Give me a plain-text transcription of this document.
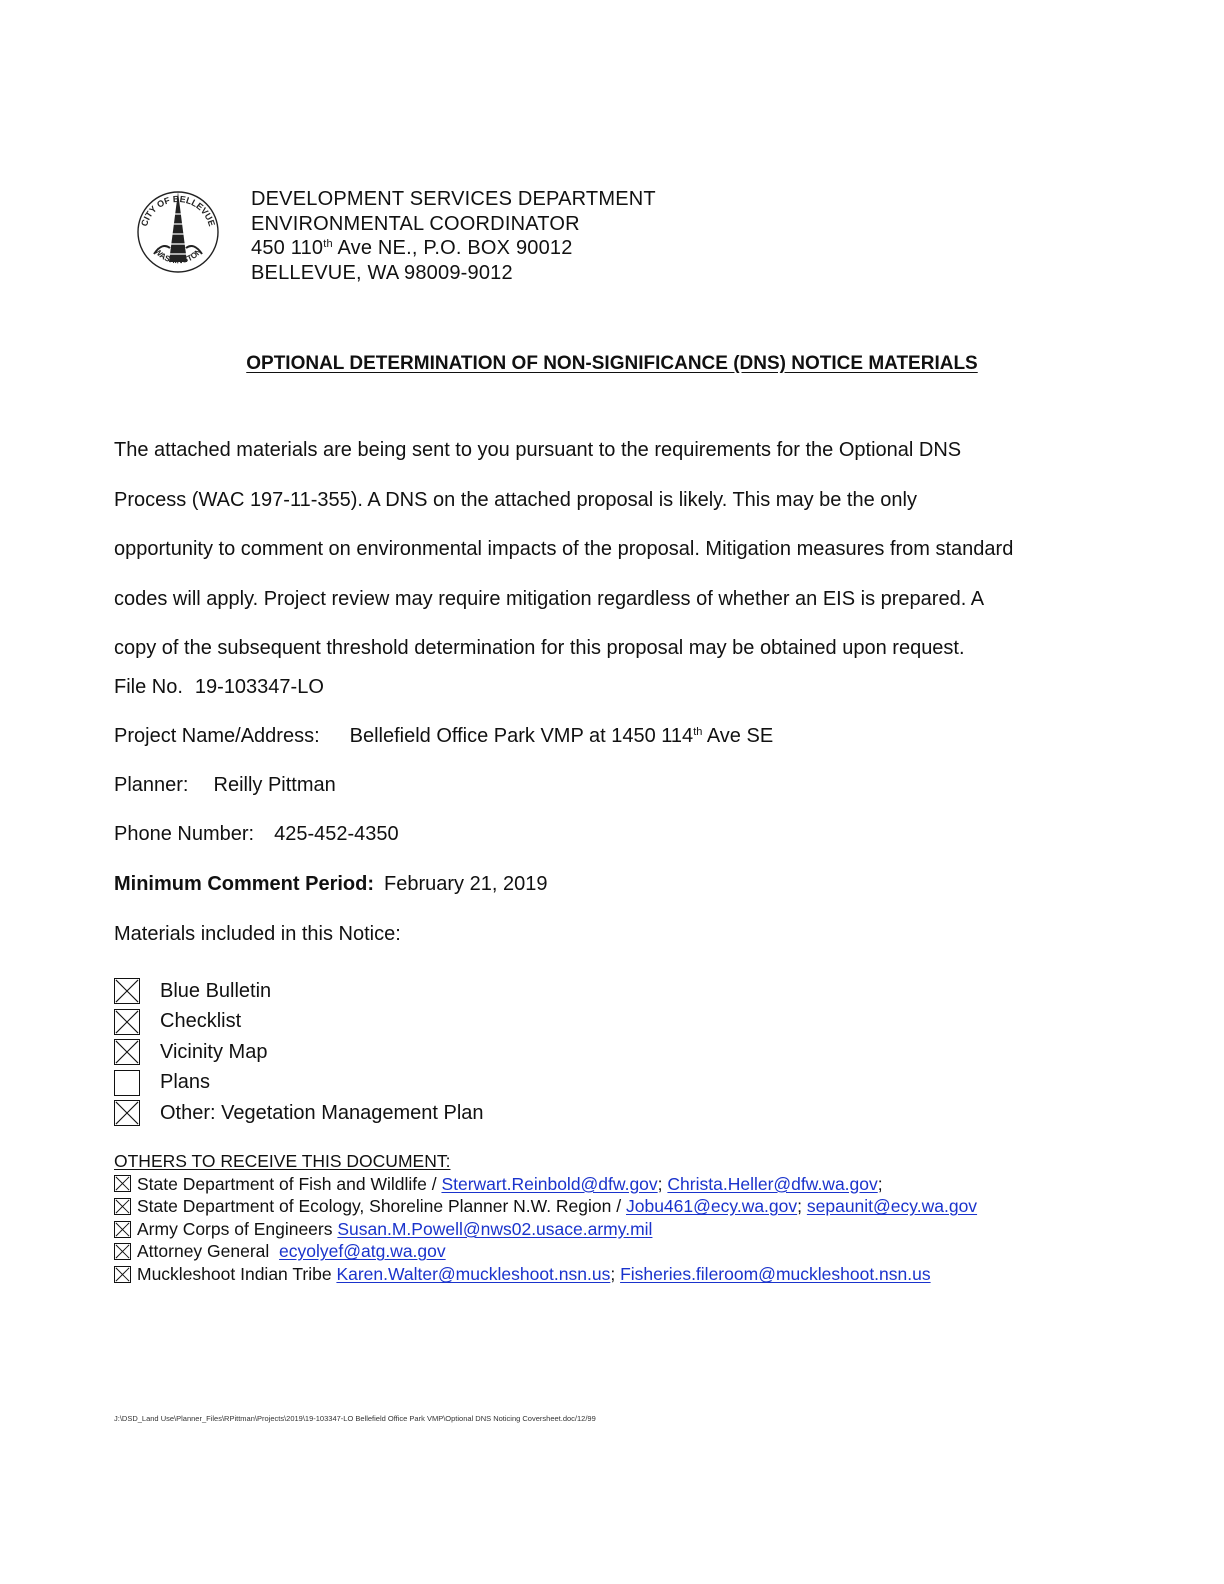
CITY OF BELLEVUE
WASHINGTON
DEVELOPMENT SERVICES DEPARTMENT
ENVIRONMENTAL COORDINATOR
450 110th Ave NE., P.O. BOX 90012
BELLEVUE, WA 98009-9012
OPTIONAL DETERMINATION OF NON-SIGNIFICANCE (DNS) NOTICE MATERIALS
The attached materials are being sent to you pursuant to the requirements for the Optional DNS
Process (WAC 197-11-355). A DNS on the attached proposal is likely. This may be the only
opportunity to comment on environmental impacts of the proposal. Mitigation measures from standard
codes will apply. Project review may require mitigation regardless of whether an EIS is prepared. A
copy of the subsequent threshold determination for this proposal may be obtained upon request.
File No. 19-103347-LO
Project Name/Address: Bellefield Office Park VMP at 1450 114th Ave SE
Planner: Reilly Pittman
Phone Number: 425-452-4350
Minimum Comment Period: February 21, 2019
Materials included in this Notice:
Blue Bulletin
Checklist
Vicinity Map
Plans
Other: Vegetation Management Plan
OTHERS TO RECEIVE THIS DOCUMENT:
State Department of Fish and Wildlife /
Sterwart.Reinbold@dfw.gov ; Christa.Heller@dfw.wa.gov ;
State Department of Ecology, Shoreline Planner N.W. Region /
Jobu461@ecy.wa.gov ; sepaunit@ecy.wa.gov
Army Corps of Engineers
Susan.M.Powell@nws02.usace.army.mil
Attorney General
ecyolyef@atg.wa.gov
Muckleshoot Indian Tribe
Karen.Walter@muckleshoot.nsn.us ; Fisheries.fileroom@muckleshoot.nsn.us
J:\DSD_Land Use\Planner_Files\RPittman\Projects\2019\19-103347-LO Bellefield Office Park VMP\Optional DNS Noticing Coversheet.doc/12/99
